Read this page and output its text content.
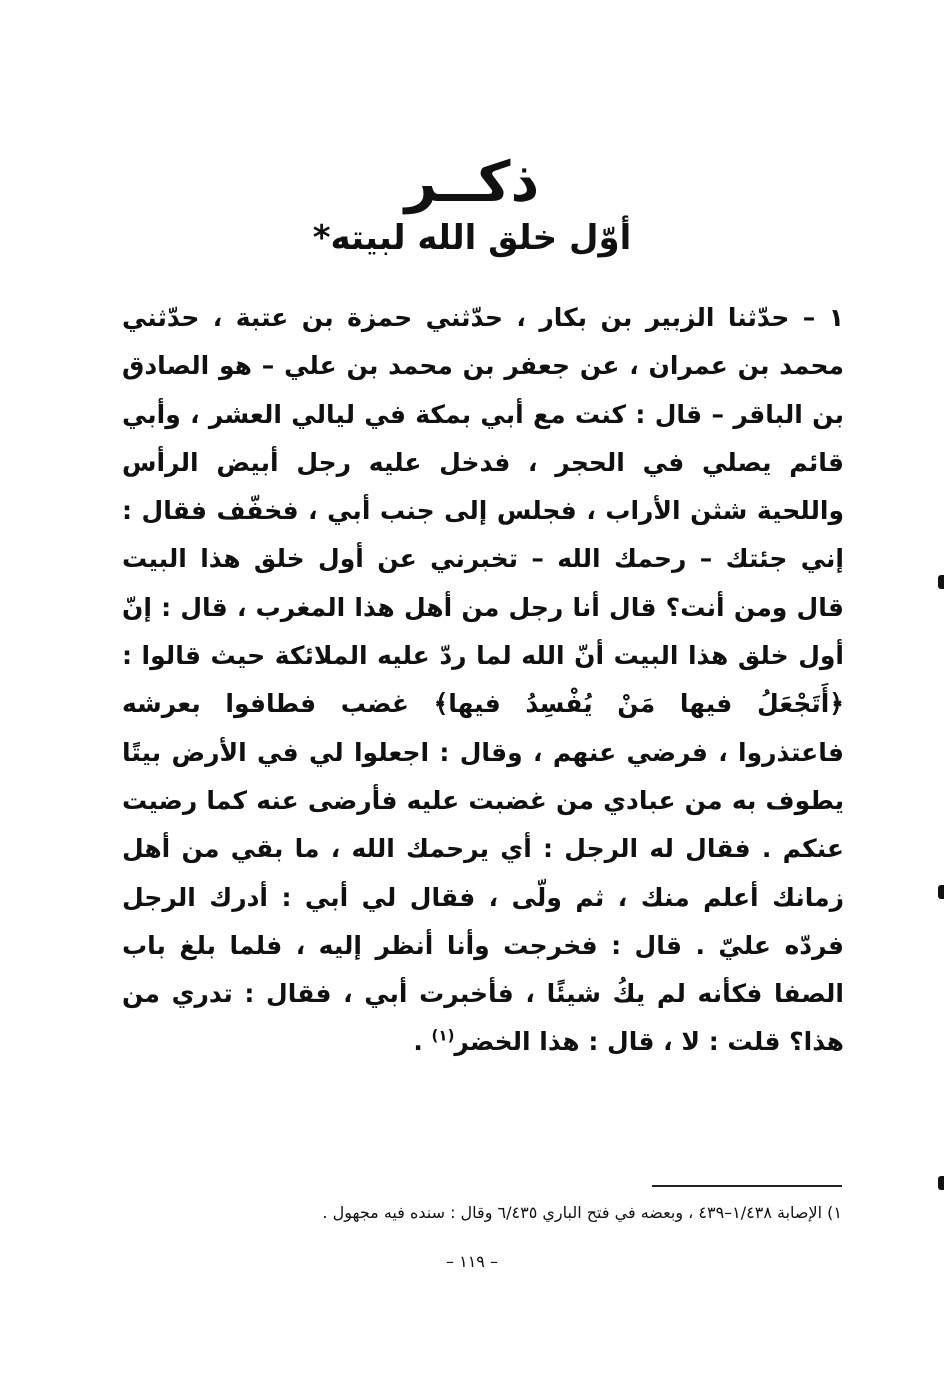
ذكــر
أوّل خلق الله لبيته*
١ – حدّثنا الزبير بن بكار ، حدّثني حمزة بن عتبة ، حدّثني محمد بن عمران ، عن جعفر بن محمد بن علي – هو الصادق بن الباقر – قال : كنت مع أبي بمكة في ليالي العشر ، وأبي قائم يصلي في الحجر ، فدخل عليه رجل أبيض الرأس واللحية شثن الأراب ، فجلس إلى جنب أبي ، فخفّف فقال : إني جئتك – رحمك الله – تخبرني عن أول خلق هذا البيت قال ومن أنت؟ قال أنا رجل من أهل هذا المغرب ، قال : إنّ أول خلق هذا البيت أنّ الله لما ردّ عليه الملائكة حيث قالوا : ﴿أَتَجْعَلُ فيها مَنْ يُفْسِدُ فيها﴾ غضب فطافوا بعرشه فاعتذروا ، فرضي عنهم ، وقال : اجعلوا لي في الأرض بيتًا يطوف به من عبادي من غضبت عليه فأرضى عنه كما رضيت عنكم . فقال له الرجل : أي يرحمك الله ، ما بقي من أهل زمانك أعلم منك ، ثم ولّى ، فقال لي أبي : أدرك الرجل فردّه عليّ . قال : فخرجت وأنا أنظر إليه ، فلما بلغ باب الصفا فكأنه لم يكُ شيئًا ، فأخبرت أبي ، فقال : تدري من هذا؟ قلت : لا ، قال : هذا الخضر$^{(١)}$ .
١) الإصابة ١/٤٣٨–٤٣٩ ، وبعضه في فتح الباري ٦/٤٣٥ وقال : سنده فيه مجهول .
– ١١٩ –
